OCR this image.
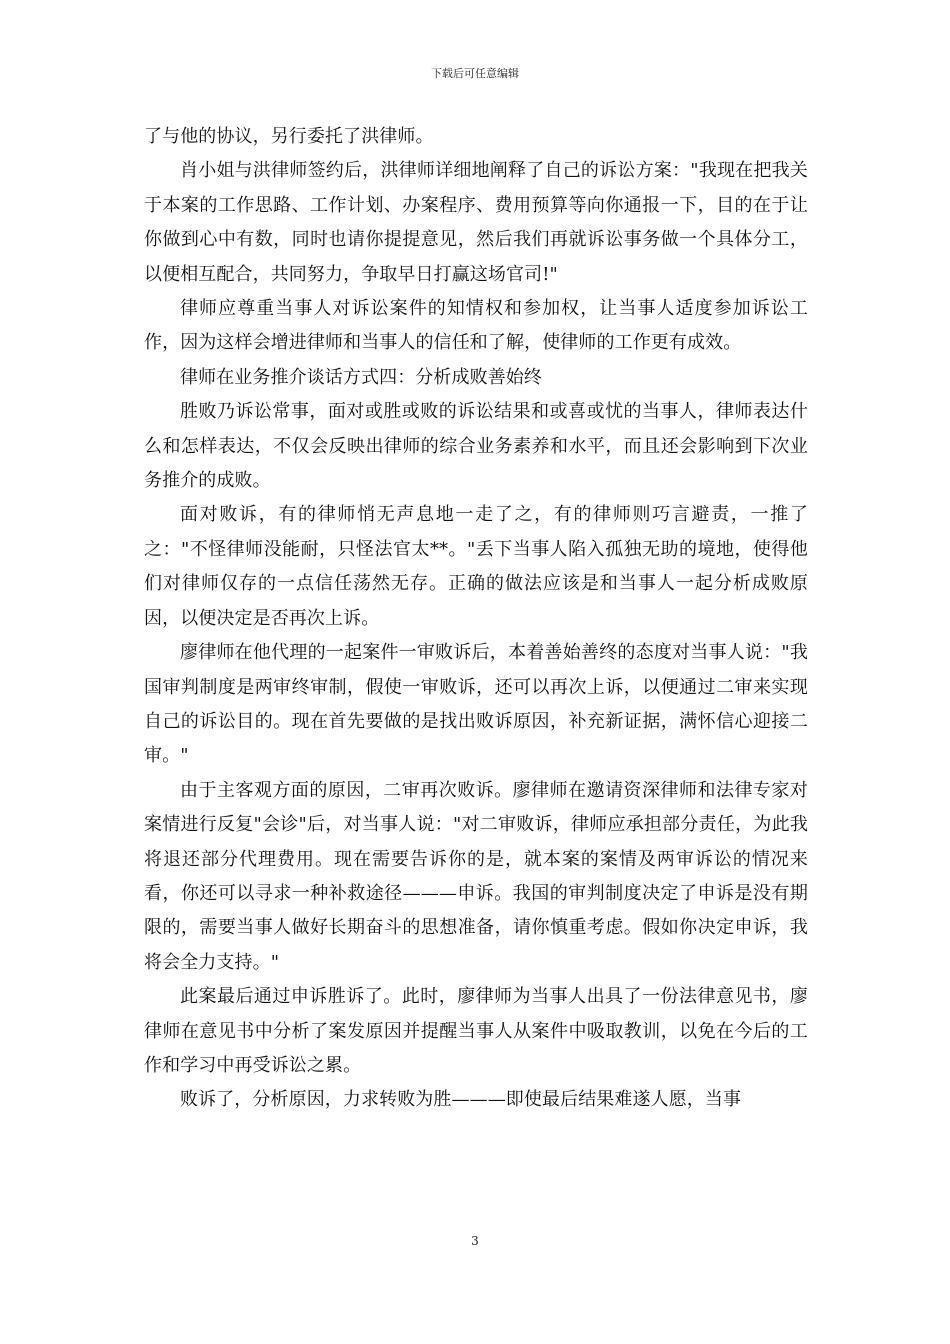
下载后可任意编辑

了与他的协议，另行委托了洪律师。

肖小姐与洪律师签约后，洪律师详细地阐释了自己的诉讼方案："我现在把我关于本案的工作思路、工作计划、办案程序、费用预算等向你通报一下，目的在于让你做到心中有数，同时也请你提提意见，然后我们再就诉讼事务做一个具体分工，以便相互配合，共同努力，争取早日打赢这场官司!"

律师应尊重当事人对诉讼案件的知情权和参加权，让当事人适度参加诉讼工作，因为这样会增进律师和当事人的信任和了解，使律师的工作更有成效。

律师在业务推介谈话方式四：分析成败善始终

胜败乃诉讼常事，面对或胜或败的诉讼结果和或喜或忧的当事人，律师表达什么和怎样表达，不仅会反映出律师的综合业务素养和水平，而且还会影响到下次业务推介的成败。

面对败诉，有的律师悄无声息地一走了之，有的律师则巧言避责，一推了之："不怪律师没能耐，只怪法官太**。"丢下当事人陷入孤独无助的境地，使得他们对律师仅存的一点信任荡然无存。正确的做法应该是和当事人一起分析成败原因，以便决定是否再次上诉。

廖律师在他代理的一起案件一审败诉后，本着善始善终的态度对当事人说："我国审判制度是两审终审制，假使一审败诉，还可以再次上诉，以便通过二审来实现自己的诉讼目的。现在首先要做的是找出败诉原因，补充新证据，满怀信心迎接二审。"

由于主客观方面的原因，二审再次败诉。廖律师在邀请资深律师和法律专家对案情进行反复"会诊"后，对当事人说："对二审败诉，律师应承担部分责任，为此我将退还部分代理费用。现在需要告诉你的是，就本案的案情及两审诉讼的情况来看，你还可以寻求一种补救途径———申诉。我国的审判制度决定了申诉是没有期限的，需要当事人做好长期奋斗的思想准备，请你慎重考虑。假如你决定申诉，我将会全力支持。"

此案最后通过申诉胜诉了。此时，廖律师为当事人出具了一份法律意见书，廖律师在意见书中分析了案发原因并提醒当事人从案件中吸取教训，以免在今后的工作和学习中再受诉讼之累。

败诉了，分析原因，力求转败为胜———即使最后结果难遂人愿，当事

3
